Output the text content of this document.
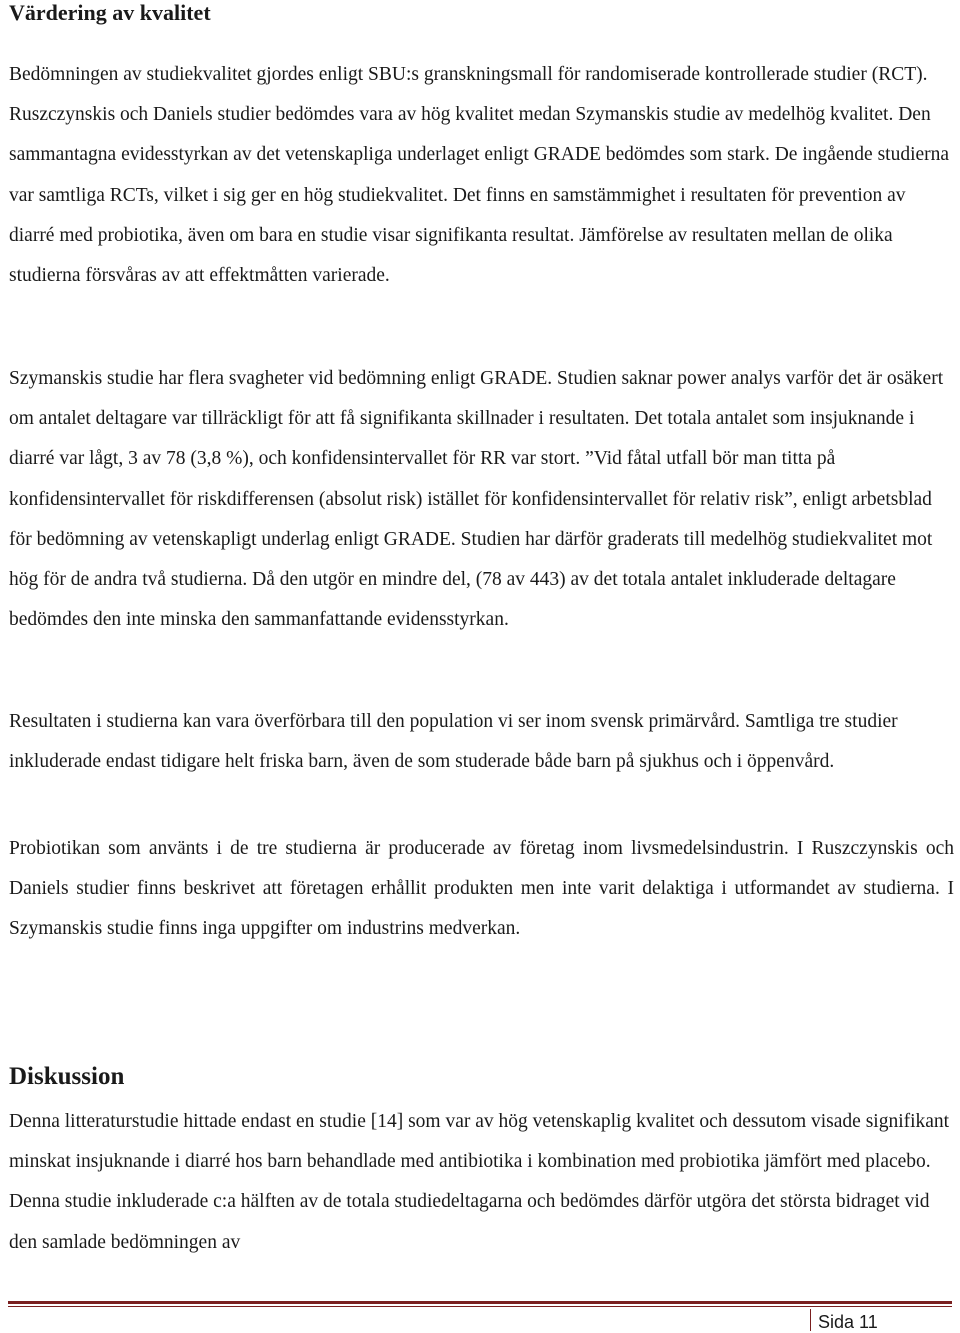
Värdering av kvalitet

Bedömningen av studiekvalitet gjordes enligt SBU:s granskningsmall för randomiserade kontrollerade studier (RCT). Ruszczynskis och Daniels studier bedömdes vara av hög kvalitet medan Szymanskis studie av medelhög kvalitet. Den sammantagna evidesstyrkan av det vetenskapliga underlaget enligt GRADE bedömdes som stark. De ingående studierna var samtliga RCTs, vilket i sig ger en hög studiekvalitet. Det finns en samstämmighet i resultaten för prevention av diarré med probiotika, även om bara en studie visar signifikanta resultat. Jämförelse av resultaten mellan de olika studierna försvåras av att effektmåtten varierade.

Szymanskis studie har flera svagheter vid bedömning enligt GRADE. Studien saknar power analys varför det är osäkert om antalet deltagare var tillräckligt för att få signifikanta skillnader i resultaten. Det totala antalet som insjuknande i diarré var lågt, 3 av 78 (3,8 %), och konfidensintervallet för RR var stort. ”Vid fåtal utfall bör man titta på konfidensintervallet för riskdifferensen (absolut risk) istället för konfidensintervallet för relativ risk”, enligt arbetsblad för bedömning av vetenskapligt underlag enligt GRADE. Studien har därför graderats till medelhög studiekvalitet mot hög för de andra två studierna. Då den utgör en mindre del, (78 av 443) av det totala antalet inkluderade deltagare bedömdes den inte minska den sammanfattande evidensstyrkan.

Resultaten i studierna kan vara överförbara till den population vi ser inom svensk primärvård. Samtliga tre studier inkluderade endast tidigare helt friska barn, även de som studerade både barn på sjukhus och i öppenvård.

Probiotikan som använts i de tre studierna är producerade av företag inom livsmedelsindustrin. I Ruszczynskis och Daniels studier finns beskrivet att företagen erhållit produkten men inte varit delaktiga i utformandet av studierna. I Szymanskis studie finns inga uppgifter om industrins medverkan.

Diskussion

Denna litteraturstudie hittade endast en studie [14] som var av hög vetenskaplig kvalitet och dessutom visade signifikant minskat insjuknande i diarré hos barn behandlade med antibiotika i kombination med probiotika jämfört med placebo. Denna studie inkluderade c:a hälften av de totala studiedeltagarna och bedömdes därför utgöra det största bidraget vid den samlade bedömningen av

Sida 11
